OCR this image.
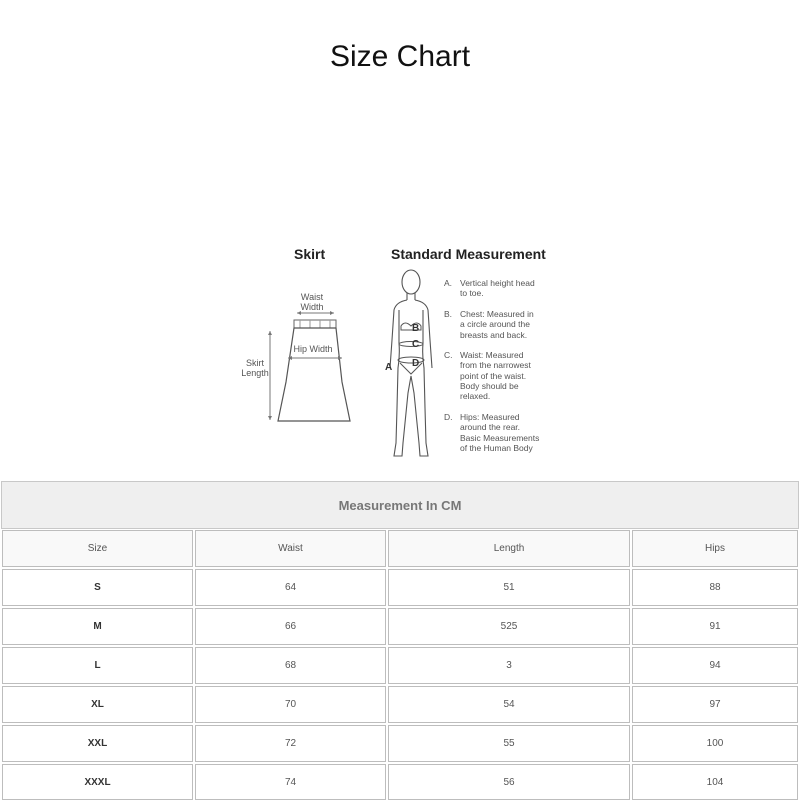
Size Chart
Skirt	Standard Measurement
Waist
Width
Hip Width
Skirt
Length
B
C
D
A
A. Vertical height head
to toe.
B. Chest: Measured in
a circle around the
breasts and back.
C. Waist: Measured
from the narrowest
point of the waist.
Body should be
relaxed.
D. Hips: Measured
around the rear.
Basic Measurements
of the Human Body
Measurement In CM
Size	Waist	Length	Hips
S	64	51	88
M	66	525	91
L	68	3	94
XL	70	54	97
XXL	72	55	100
XXXL	74	56	104
